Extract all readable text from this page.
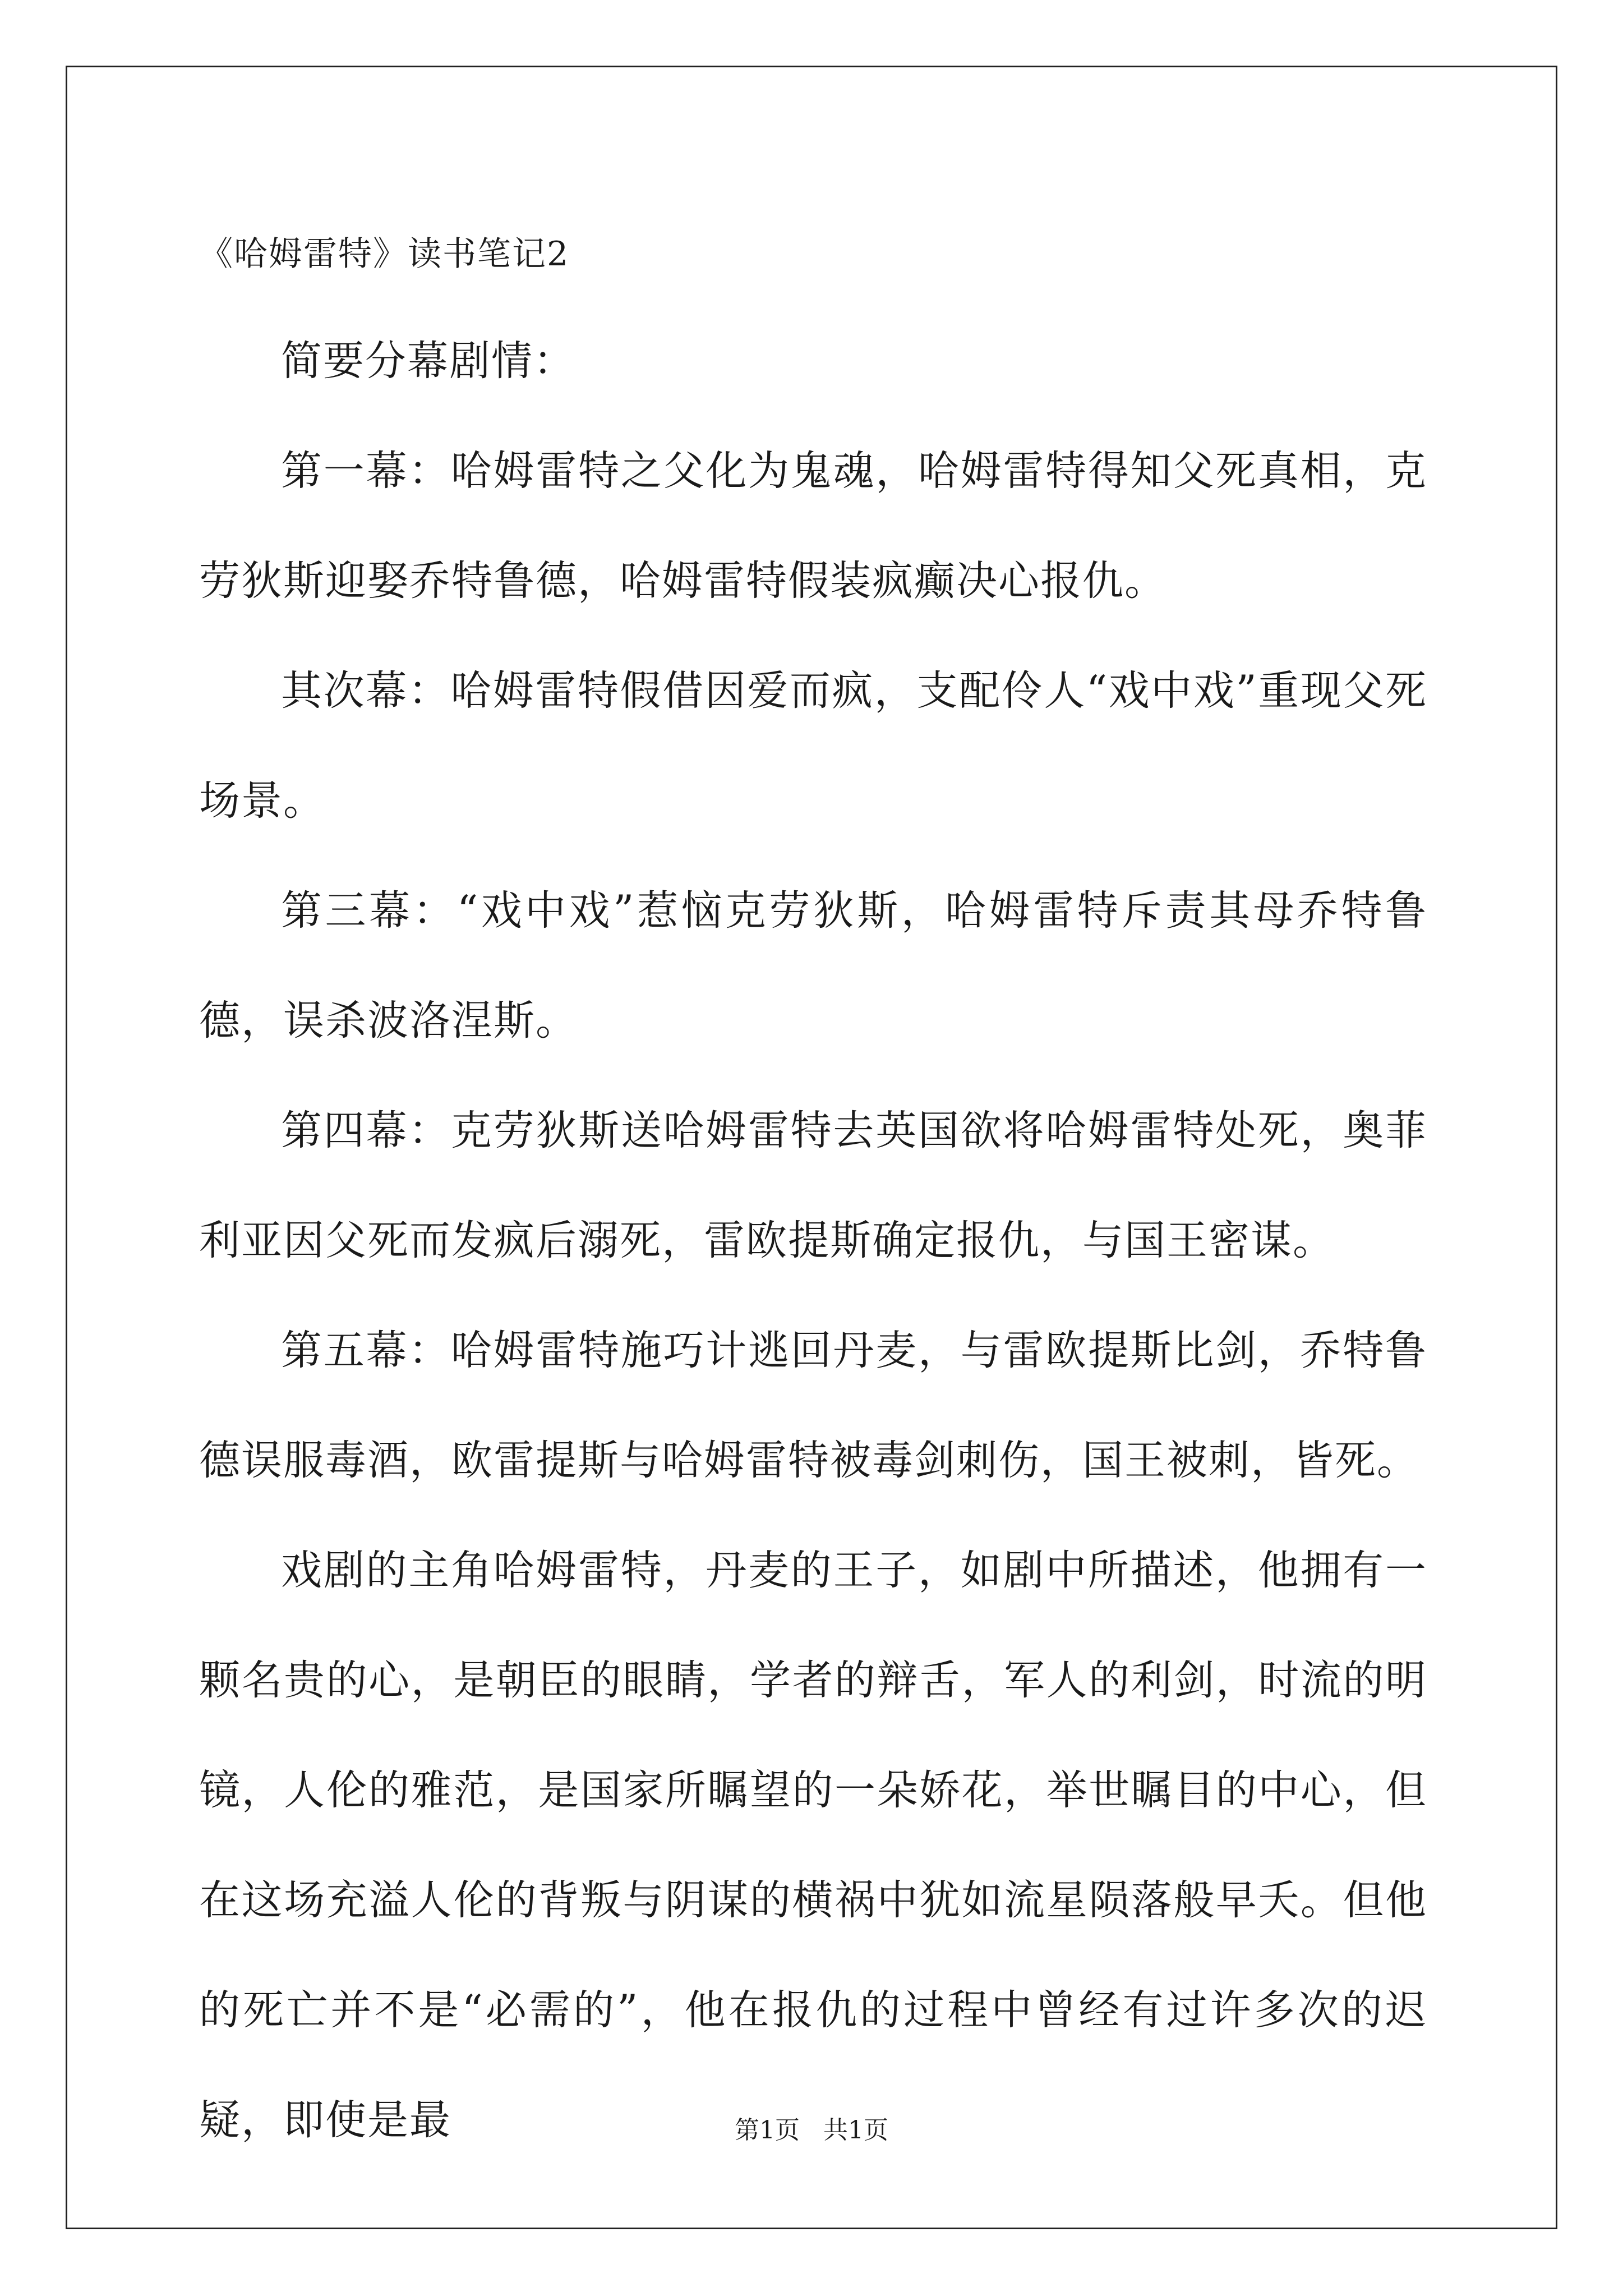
《哈姆雷特》读书笔记2

简要分幕剧情：

第一幕：哈姆雷特之父化为鬼魂，哈姆雷特得知父死真相，克劳狄斯迎娶乔特鲁德，哈姆雷特假装疯癫决心报仇。

其次幕：哈姆雷特假借因爱而疯，支配伶人“戏中戏”重现父死场景。

第三幕：“戏中戏”惹恼克劳狄斯，哈姆雷特斥责其母乔特鲁德，误杀波洛涅斯。

第四幕：克劳狄斯送哈姆雷特去英国欲将哈姆雷特处死，奥菲利亚因父死而发疯后溺死，雷欧提斯确定报仇，与国王密谋。

第五幕：哈姆雷特施巧计逃回丹麦，与雷欧提斯比剑，乔特鲁德误服毒酒，欧雷提斯与哈姆雷特被毒剑刺伤，国王被刺，皆死。

戏剧的主角哈姆雷特，丹麦的王子，如剧中所描述，他拥有一颗名贵的心，是朝臣的眼睛，学者的辩舌，军人的利剑，时流的明镜，人伦的雅范，是国家所瞩望的一朵娇花，举世瞩目的中心，但在这场充溢人伦的背叛与阴谋的横祸中犹如流星陨落般早夭。但他的死亡并不是“必需的”，他在报仇的过程中曾经有过许多次的迟疑，即使是最	第1页   共1页
